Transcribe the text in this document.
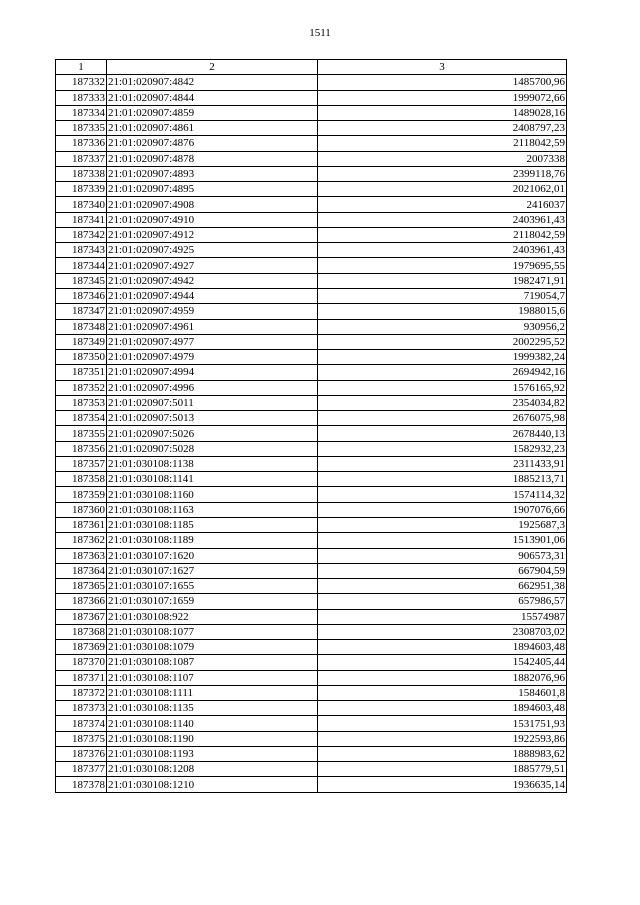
1511
1	2	3
187332	21:01:020907:4842	1485700,96
187333	21:01:020907:4844	1999072,66
187334	21:01:020907:4859	1489028,16
187335	21:01:020907:4861	2408797,23
187336	21:01:020907:4876	2118042,59
187337	21:01:020907:4878	2007338
187338	21:01:020907:4893	2399118,76
187339	21:01:020907:4895	2021062,01
187340	21:01:020907:4908	2416037
187341	21:01:020907:4910	2403961,43
187342	21:01:020907:4912	2118042,59
187343	21:01:020907:4925	2403961,43
187344	21:01:020907:4927	1979695,55
187345	21:01:020907:4942	1982471,91
187346	21:01:020907:4944	719054,7
187347	21:01:020907:4959	1988015,6
187348	21:01:020907:4961	930956,2
187349	21:01:020907:4977	2002295,52
187350	21:01:020907:4979	1999382,24
187351	21:01:020907:4994	2694942,16
187352	21:01:020907:4996	1576165,92
187353	21:01:020907:5011	2354034,82
187354	21:01:020907:5013	2676075,98
187355	21:01:020907:5026	2678440,13
187356	21:01:020907:5028	1582932,23
187357	21:01:030108:1138	2311433,91
187358	21:01:030108:1141	1885213,71
187359	21:01:030108:1160	1574114,32
187360	21:01:030108:1163	1907076,66
187361	21:01:030108:1185	1925687,3
187362	21:01:030108:1189	1513901,06
187363	21:01:030107:1620	906573,31
187364	21:01:030107:1627	667904,59
187365	21:01:030107:1655	662951,38
187366	21:01:030107:1659	657986,57
187367	21:01:030108:922	15574987
187368	21:01:030108:1077	2308703,02
187369	21:01:030108:1079	1894603,48
187370	21:01:030108:1087	1542405,44
187371	21:01:030108:1107	1882076,96
187372	21:01:030108:1111	1584601,8
187373	21:01:030108:1135	1894603,48
187374	21:01:030108:1140	1531751,93
187375	21:01:030108:1190	1922593,86
187376	21:01:030108:1193	1888983,62
187377	21:01:030108:1208	1885779,51
187378	21:01:030108:1210	1936635,14
